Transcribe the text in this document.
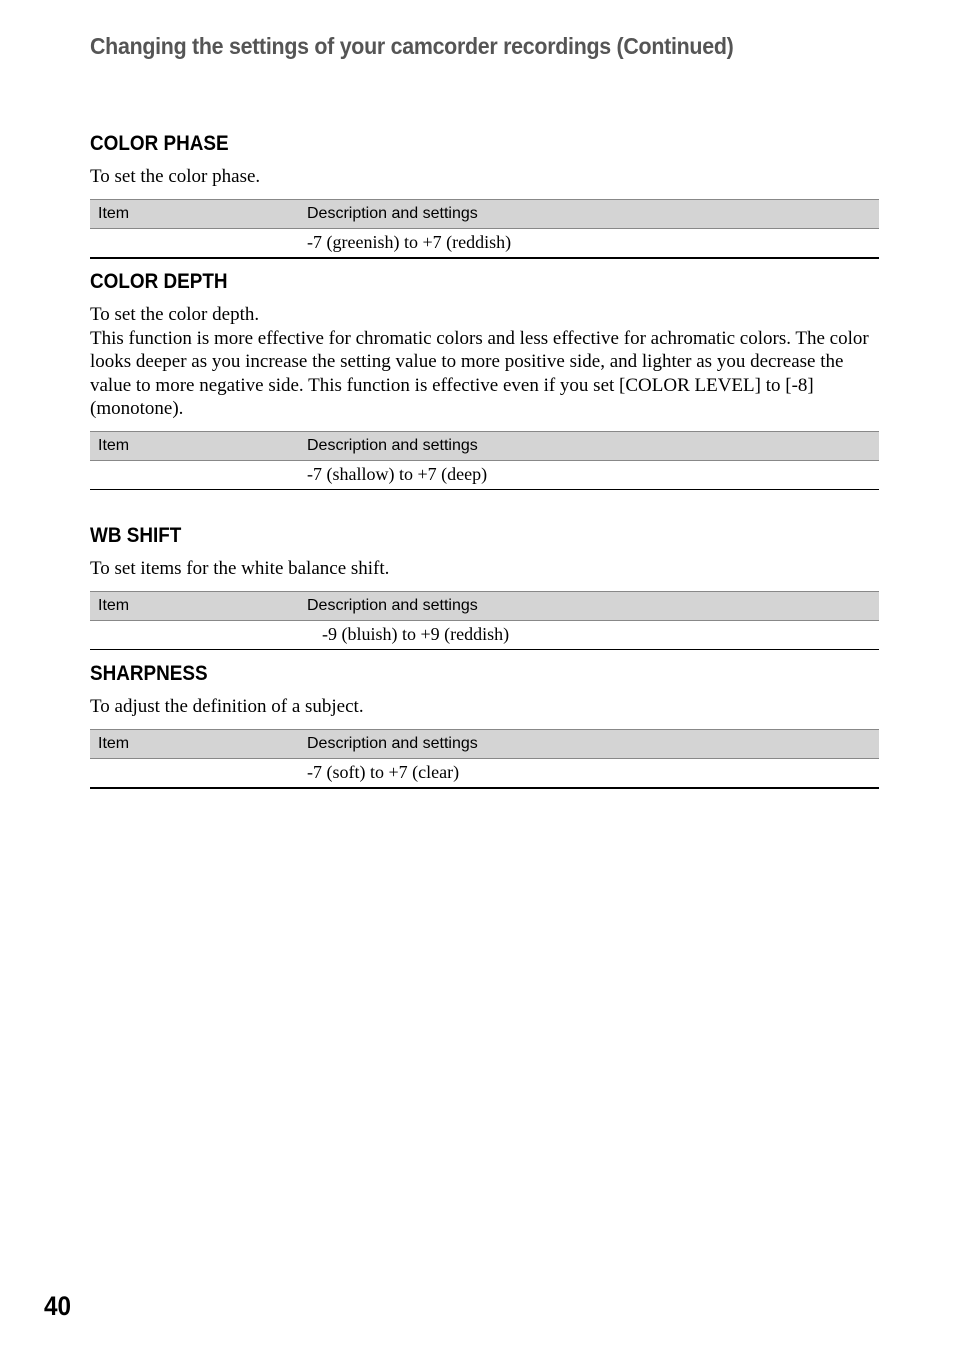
Changing the settings of your camcorder recordings (Continued)
COLOR PHASE

To set the color phase.

Item	Description and settings
	-7 (greenish) to +7 (reddish)
COLOR DEPTH

To set the color depth.

This function is more effective for chromatic colors and less effective for achromatic colors. The color looks deeper as you increase the setting value to more positive side, and lighter as you decrease the value to more negative side. This function is effective even if you set [COLOR LEVEL] to [-8] (monotone).

Item	Description and settings
	-7 (shallow) to +7 (deep)
WB SHIFT

To set items for the white balance shift.

Item	Description and settings
	-9 (bluish) to +9 (reddish)
SHARPNESS

To adjust the definition of a subject.

Item	Description and settings
	-7 (soft) to +7 (clear)
40
